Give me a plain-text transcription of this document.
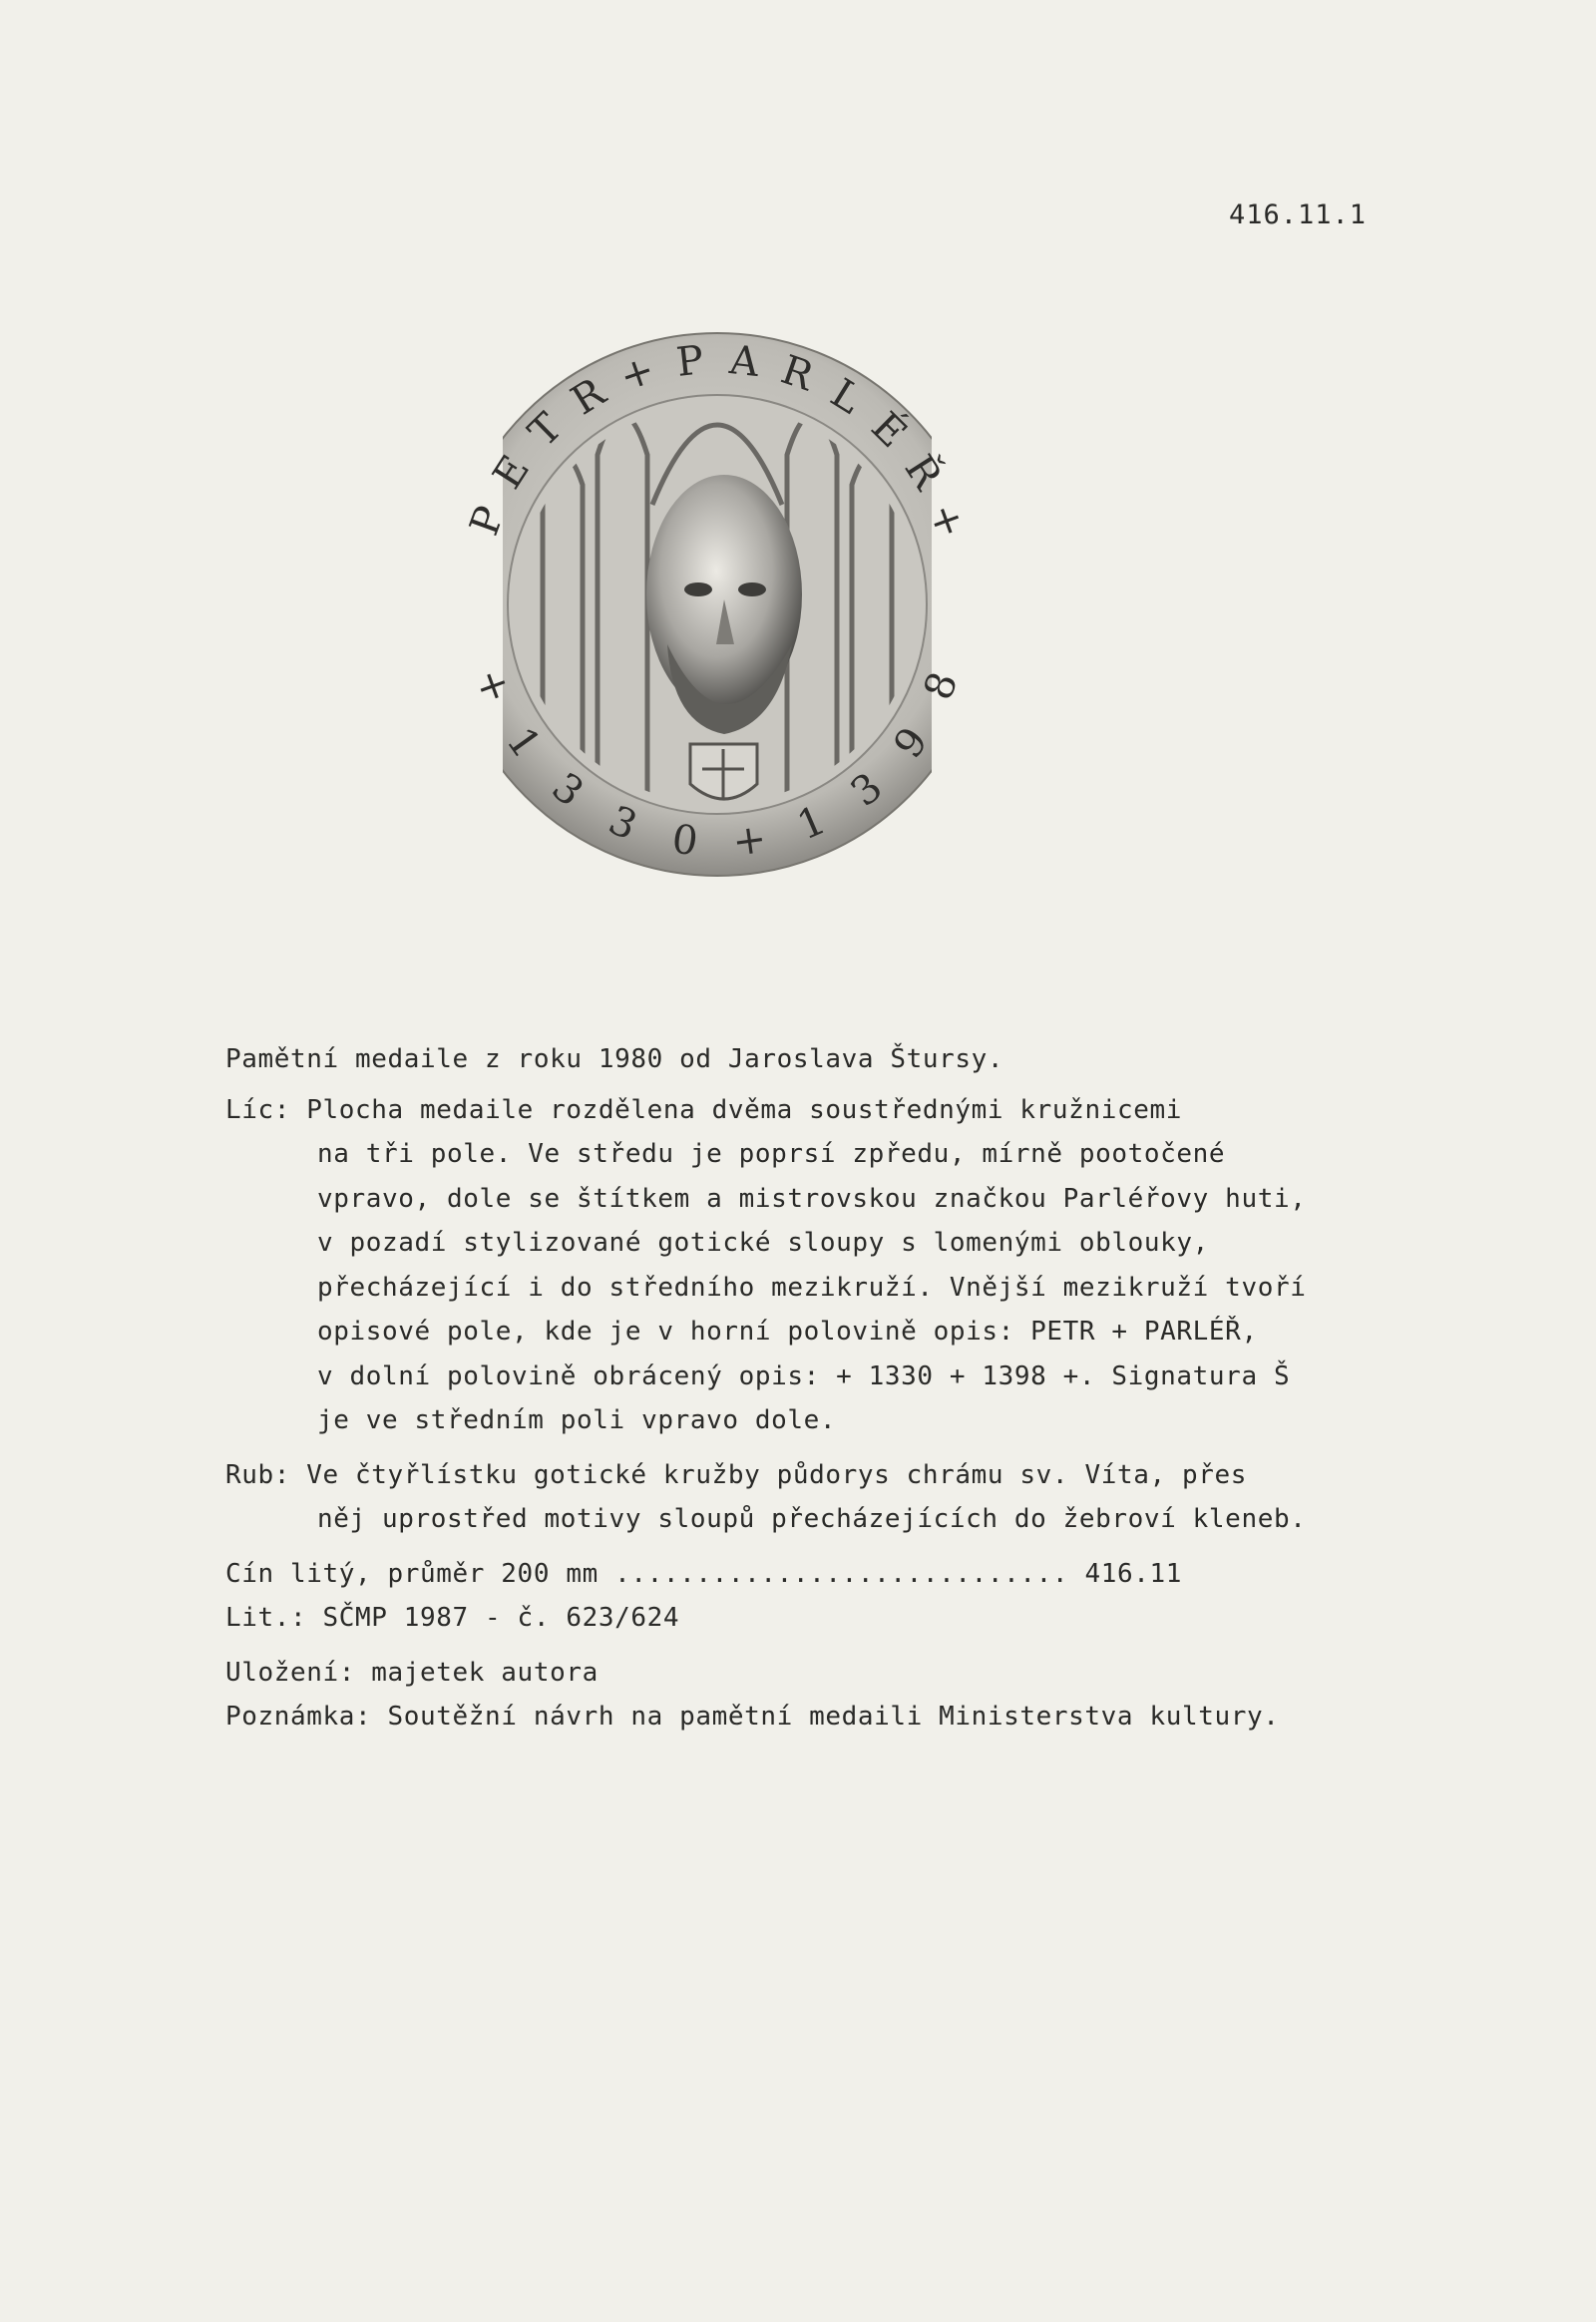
416.11.1

Pamětní medaile z roku 1980 od Jaroslava Štursy.
Líc: Plocha medaile rozdělena dvěma soustřednými kružnicemi
na tři pole. Ve středu je poprsí zpředu, mírně pootočené
vpravo, dole se štítkem a mistrovskou značkou Parléřovy huti,
v pozadí stylizované gotické sloupy s lomenými oblouky,
přecházející i do středního mezikruží. Vnější mezikruží tvoří
opisové pole, kde je v horní polovině opis: PETR + PARLÉŘ,
v dolní polovině obrácený opis: + 1330 + 1398 +. Signatura Š
je ve středním poli vpravo dole.
Rub: Ve čtyřlístku gotické kružby půdorys chrámu sv. Víta, přes
něj uprostřed motivy sloupů přecházejících do žebroví kleneb.
Cín litý, průměr 200 mm ............................ 416.11
Lit.: SČMP 1987 - č. 623/624
Uložení: majetek autora
Poznámka: Soutěžní návrh na pamětní medaili Ministerstva kultury.
P
E
T
R + P A R L
É
Ř
+
+
1
3
3 0 + 1
3
9
8
